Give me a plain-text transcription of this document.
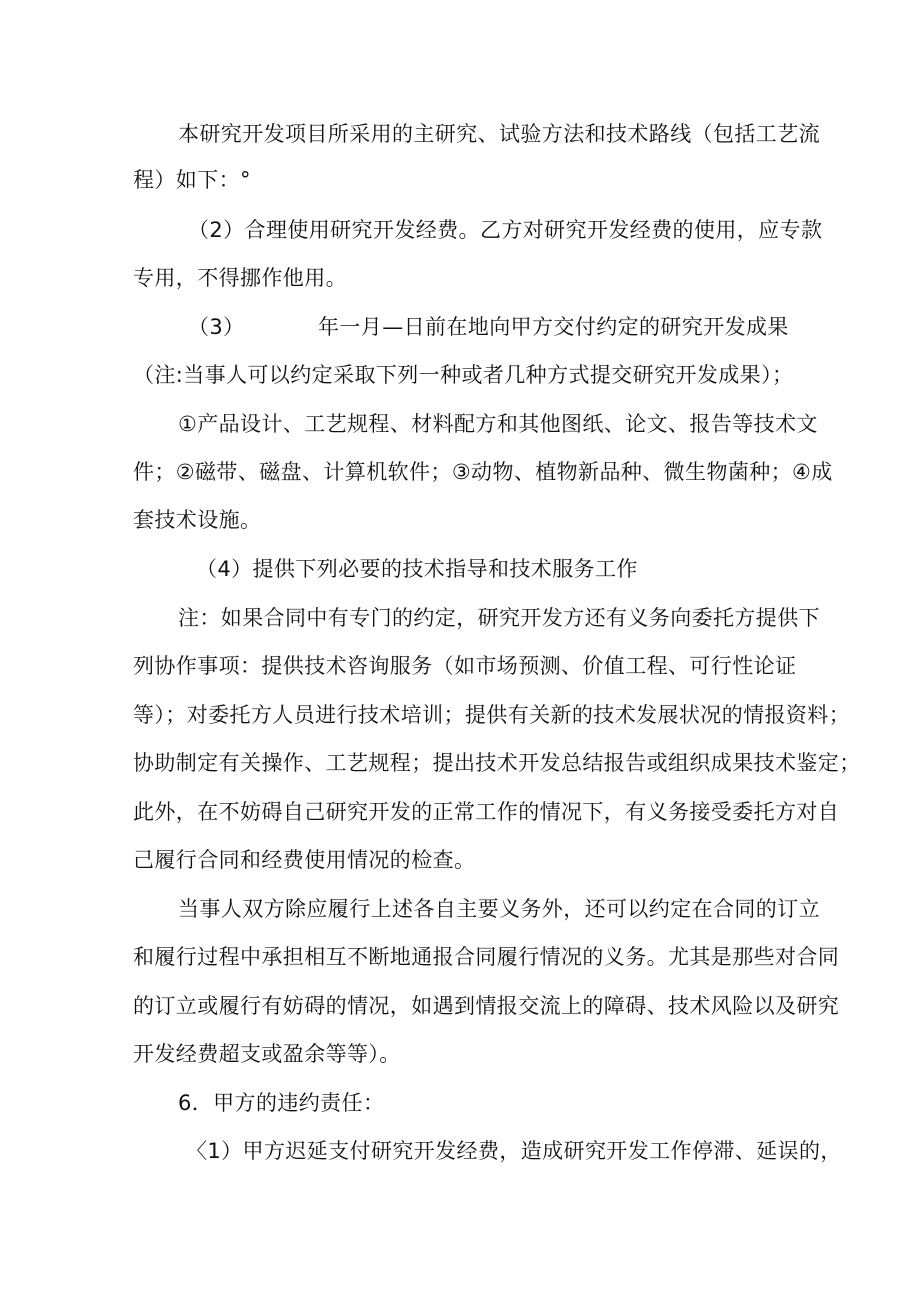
本研究开发项目所采用的主研究、试验方法和技术路线（包括工艺流
程）如下：°
（2）合理使用研究开发经费。乙方对研究开发经费的使用，应专款
专用，不得挪作他用。
（3）	年一月—日前在地向甲方交付约定的研究开发成果
（注:当事人可以约定采取下列一种或者几种方式提交研究开发成果）；
①产品设计、工艺规程、材料配方和其他图纸、论文、报告等技术文
件；②磁带、磁盘、计算机软件；③动物、植物新品种、微生物菌种；④成
套技术设施。
（4）提供下列必要的技术指导和技术服务工作
注：如果合同中有专门的约定，研究开发方还有义务向委托方提供下
列协作事项：提供技术咨询服务（如市场预测、价值工程、可行性论证
等）；对委托方人员进行技术培训；提供有关新的技术发展状况的情报资料；
协助制定有关操作、工艺规程；提出技术开发总结报告或组织成果技术鉴定；
此外，在不妨碍自己研究开发的正常工作的情况下，有义务接受委托方对自
己履行合同和经费使用情况的检查。
当事人双方除应履行上述各自主要义务外，还可以约定在合同的订立
和履行过程中承担相互不断地通报合同履行情况的义务。尤其是那些对合同
的订立或履行有妨碍的情况，如遇到情报交流上的障碍、技术风险以及研究
开发经费超支或盈余等等）。
6．甲方的违约责任：
〈1）甲方迟延支付研究开发经费，造成研究开发工作停滞、延误的，
